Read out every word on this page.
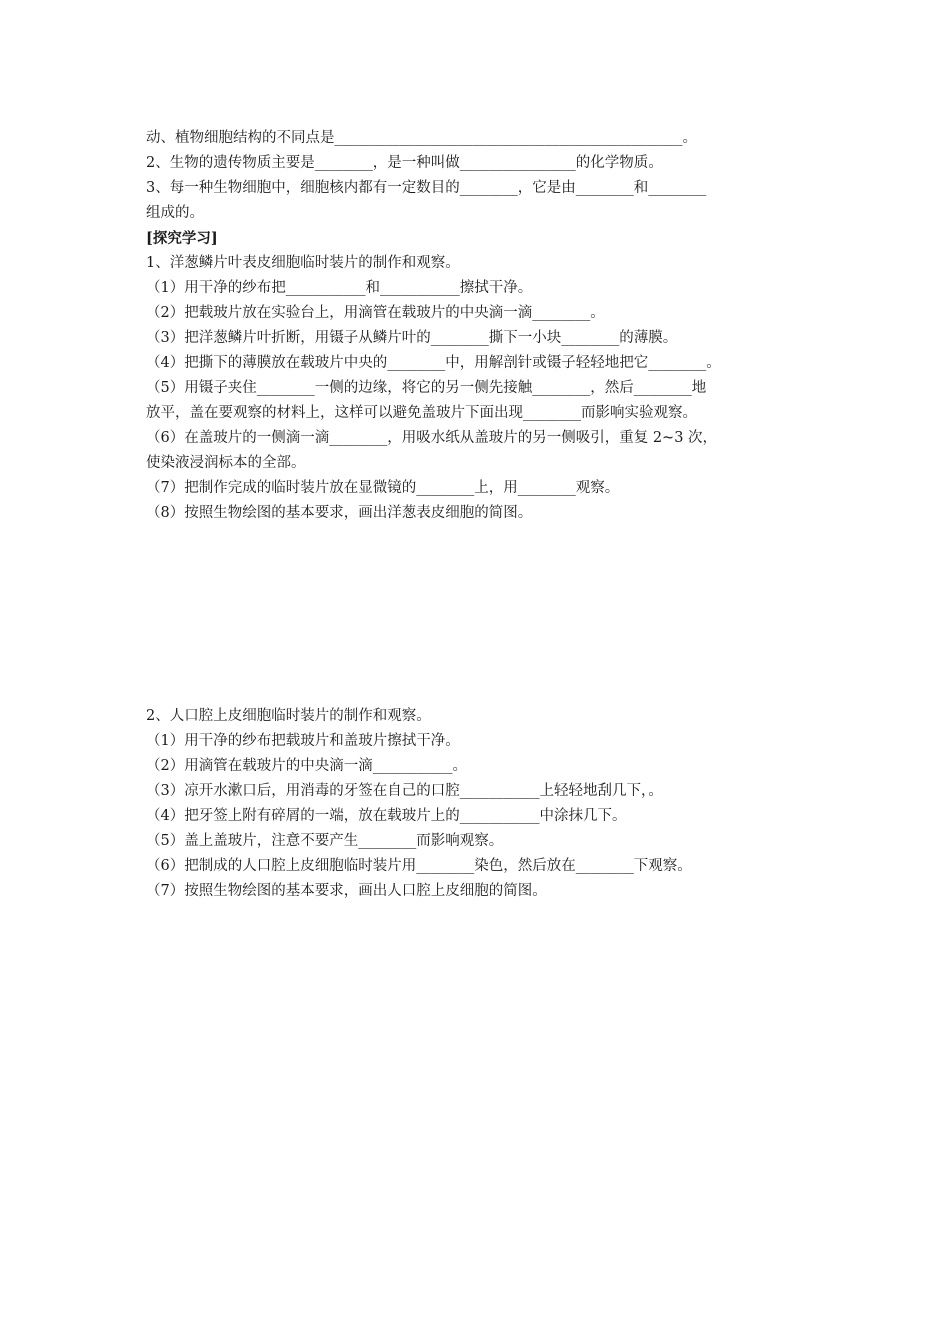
动、植物细胞结构的不同点是________________________________________________。
2、生物的遗传物质主要是________，是一种叫做________________的化学物质。
3、每一种生物细胞中，细胞核内都有一定数目的________，它是由________和________
组成的。
[探究学习]
1、洋葱鳞片叶表皮细胞临时装片的制作和观察。
（1）用干净的纱布把___________和___________擦拭干净。
（2）把载玻片放在实验台上，用滴管在载玻片的中央滴一滴________。
（3）把洋葱鳞片叶折断，用镊子从鳞片叶的________撕下一小块________的薄膜。
（4）把撕下的薄膜放在载玻片中央的________中，用解剖针或镊子轻轻地把它________。
（5）用镊子夹住________一侧的边缘，将它的另一侧先接触________，然后________地
放平，盖在要观察的材料上，这样可以避免盖玻片下面出现________而影响实验观察。
（6）在盖玻片的一侧滴一滴________，用吸水纸从盖玻片的另一侧吸引，重复 2~3 次，
使染液浸润标本的全部。
（7）把制作完成的临时装片放在显微镜的________上，用________观察。
（8）按照生物绘图的基本要求，画出洋葱表皮细胞的简图。
2、人口腔上皮细胞临时装片的制作和观察。
（1）用干净的纱布把载玻片和盖玻片擦拭干净。
（2）用滴管在载玻片的中央滴一滴___________。
（3）凉开水漱口后，用消毒的牙签在自己的口腔___________上轻轻地刮几下，。
（4）把牙签上附有碎屑的一端，放在载玻片上的___________中涂抹几下。
（5）盖上盖玻片，注意不要产生________而影响观察。
（6）把制成的人口腔上皮细胞临时装片用________染色，然后放在________下观察。
（7）按照生物绘图的基本要求，画出人口腔上皮细胞的简图。
